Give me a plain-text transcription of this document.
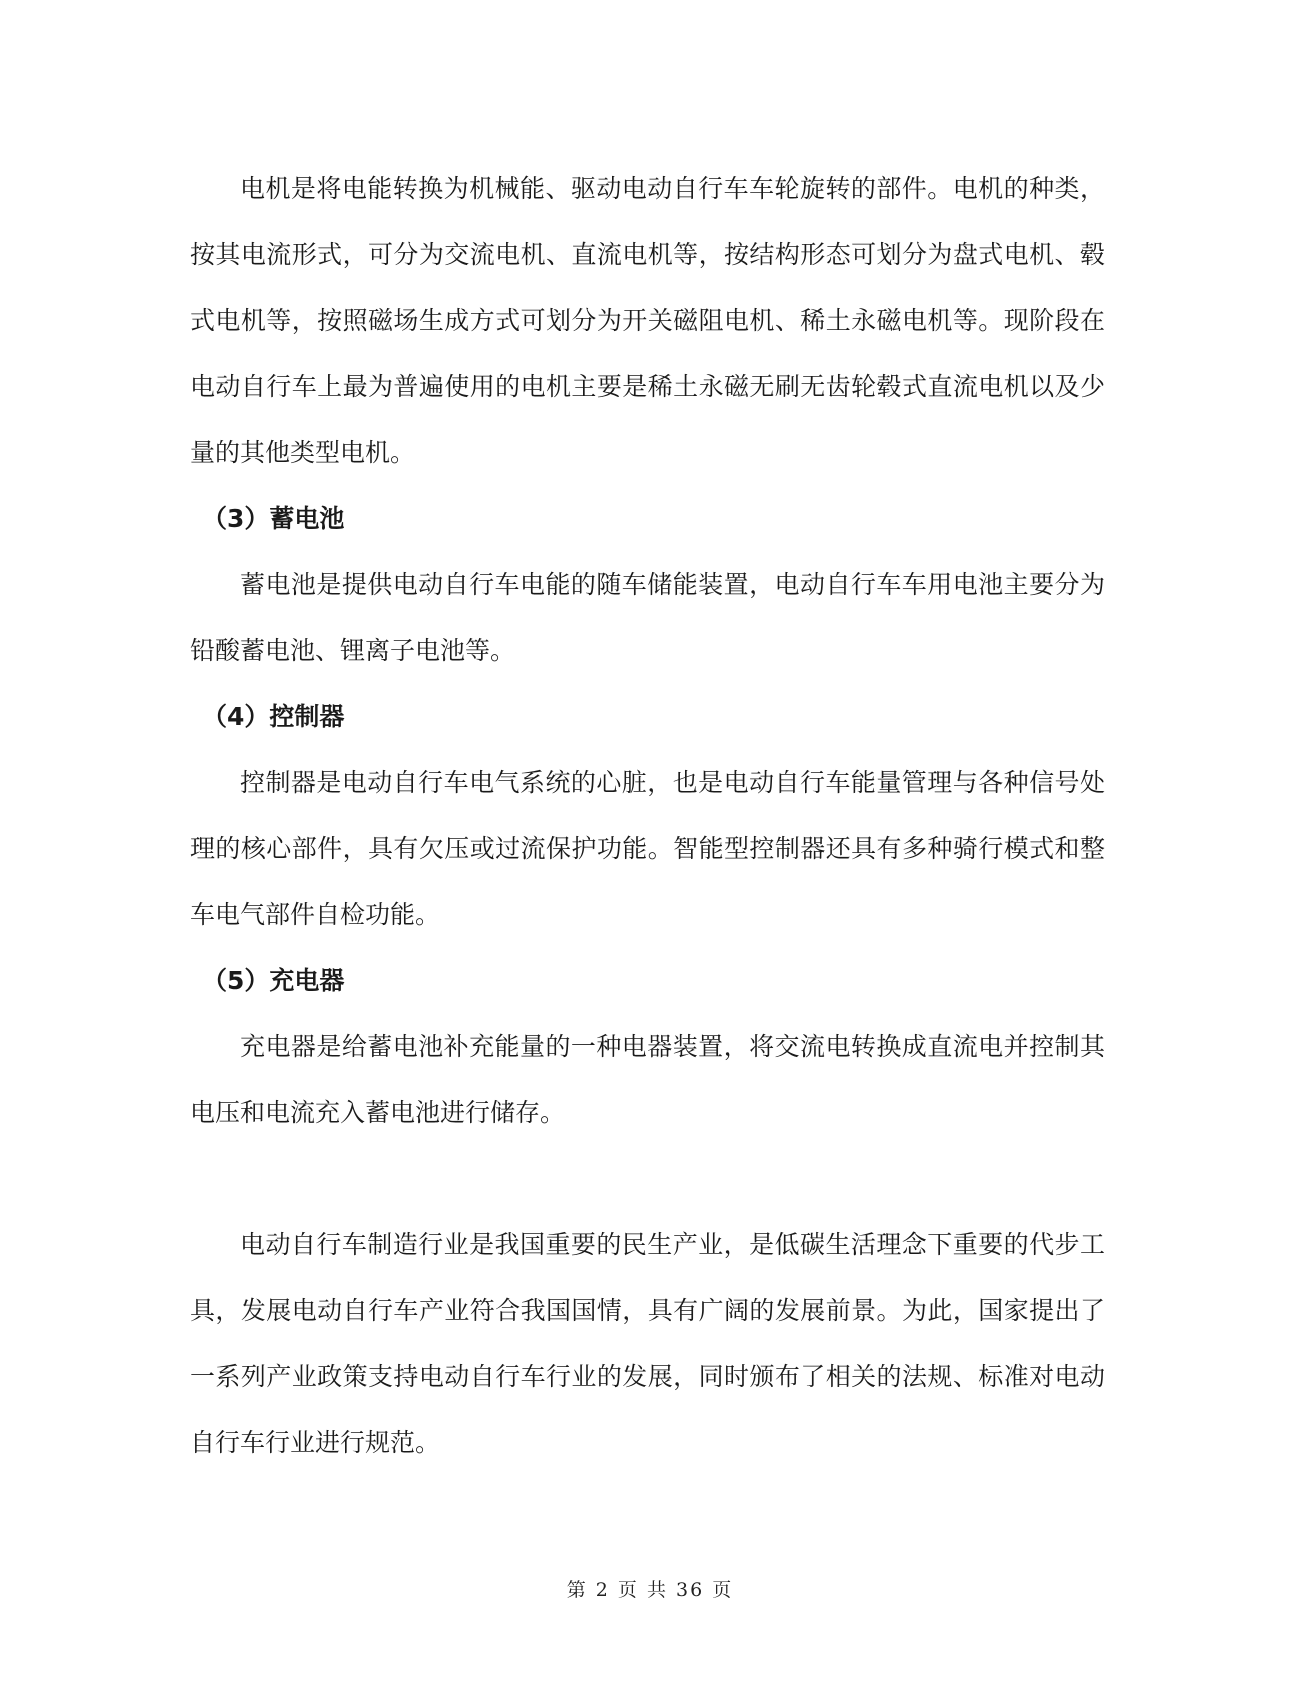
电机是将电能转换为机械能、驱动电动自行车车轮旋转的部件。电机的种类，按其电流形式，可分为交流电机、直流电机等，按结构形态可划分为盘式电机、毂式电机等，按照磁场生成方式可划分为开关磁阻电机、稀土永磁电机等。现阶段在电动自行车上最为普遍使用的电机主要是稀土永磁无刷无齿轮毂式直流电机以及少量的其他类型电机。

（3）蓄电池

蓄电池是提供电动自行车电能的随车储能装置，电动自行车车用电池主要分为铅酸蓄电池、锂离子电池等。

（4）控制器

控制器是电动自行车电气系统的心脏，也是电动自行车能量管理与各种信号处理的核心部件，具有欠压或过流保护功能。智能型控制器还具有多种骑行模式和整车电气部件自检功能。

（5）充电器

充电器是给蓄电池补充能量的一种电器装置，将交流电转换成直流电并控制其电压和电流充入蓄电池进行储存。

电动自行车制造行业是我国重要的民生产业，是低碳生活理念下重要的代步工具，发展电动自行车产业符合我国国情，具有广阔的发展前景。为此，国家提出了一系列产业政策支持电动自行车行业的发展，同时颁布了相关的法规、标准对电动自行车行业进行规范。

第 2 页 共 36 页
